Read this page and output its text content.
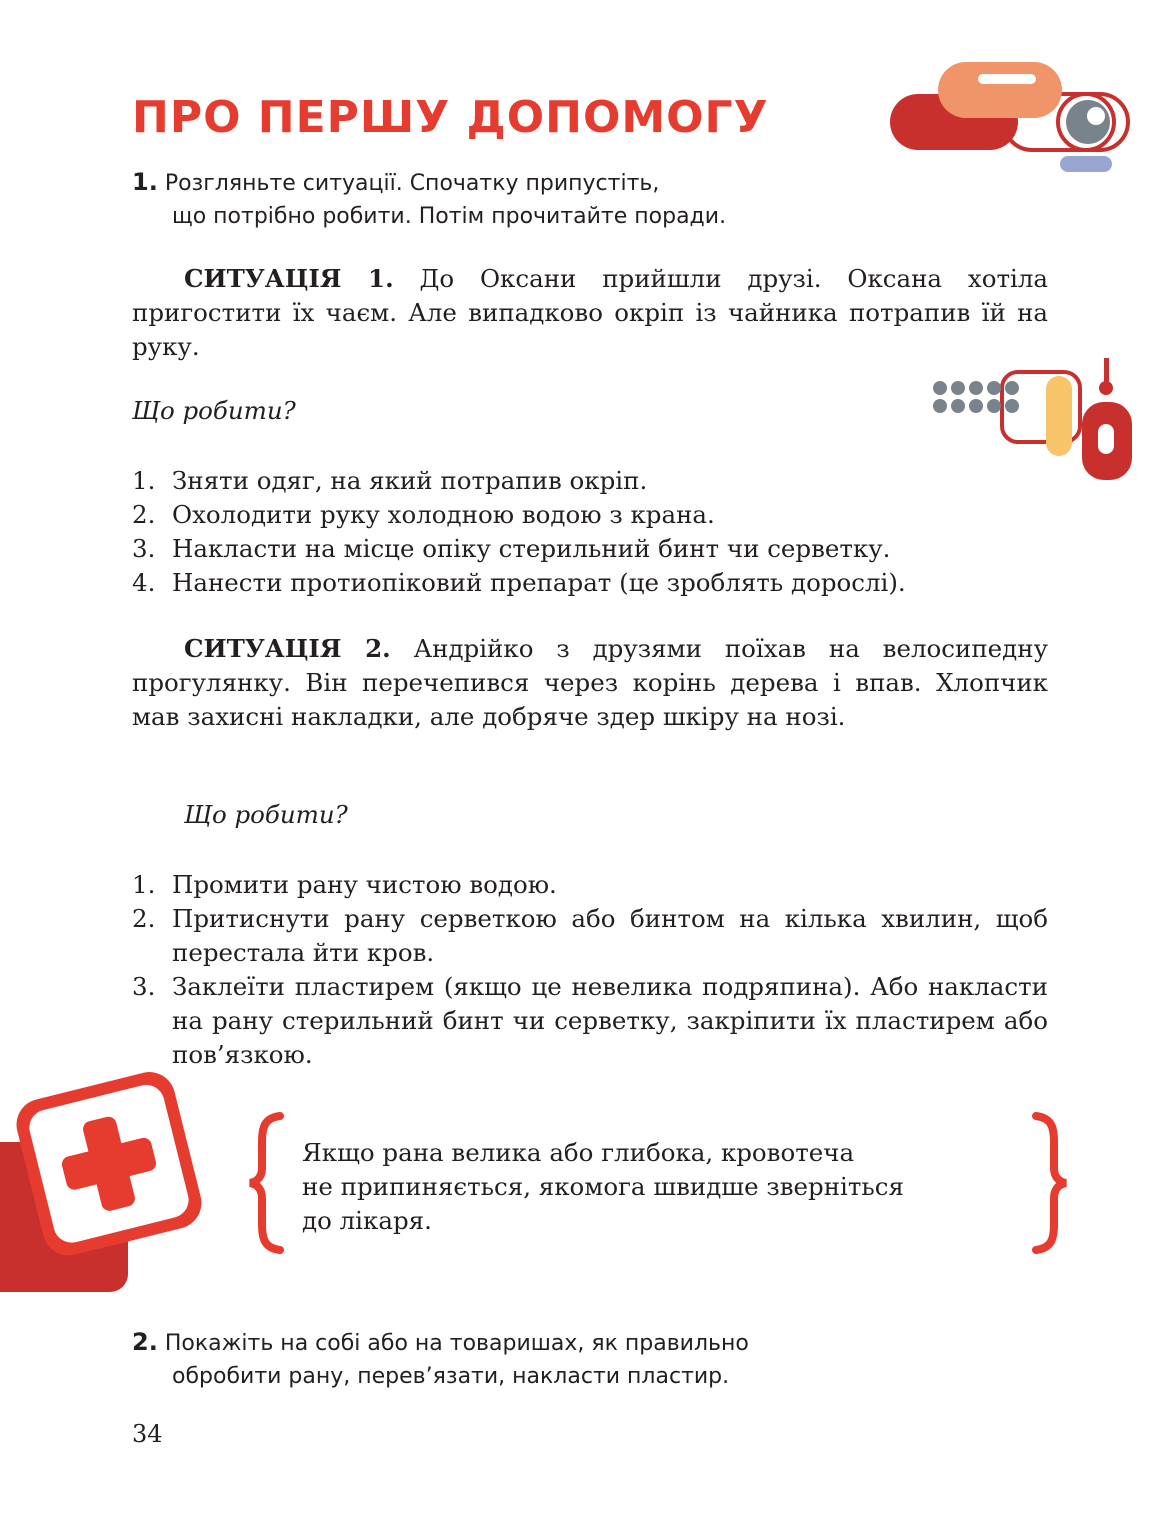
ПРО ПЕРШУ ДОПОМОГУ
1. Розгляньте ситуації. Спочатку припустіть,
що потрібно робити. Потім прочитайте поради.
СИТУАЦІЯ 1. До Оксани прийшли друзі. Оксана хотіла пригостити їх чаєм. Але випадково окріп із чайника потрапив їй на руку.
Що робити?
1. Зняти одяг, на який потрапив окріп.
2. Охолодити руку холодною водою з крана.
3. Накласти на місце опіку стерильний бинт чи серветку.
4. Нанести протиопіковий препарат (це зроблять дорослі).
СИТУАЦІЯ 2. Андрійко з друзями поїхав на велосипедну прогулянку. Він перечепився через корінь дерева і впав. Хлопчик мав захисні накладки, але добряче здер шкіру на нозі.
Що робити?
1. Промити рану чистою водою.
2. Притиснути рану серветкою або бинтом на кілька хвилин, щоб перестала йти кров.
3. Заклеїти пластирем (якщо це невелика подряпина). Або накласти на рану стерильний бинт чи серветку, закріпити їх пластирем або пов’язкою.
Якщо рана велика або глибока, кровотеча
не припиняється, якомога швидше зверніться
до лікаря.
2. Покажіть на собі або на товаришах, як правильно
обробити рану, перев’язати, накласти пластир.
34
